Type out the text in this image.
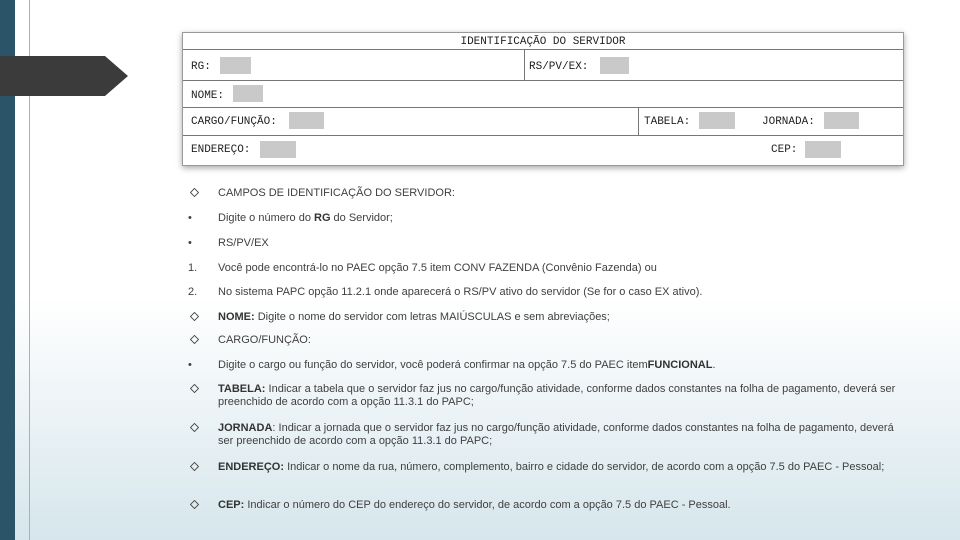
IDENTIFICAÇÃO DO SERVIDOR
RG:	RS/PV/EX:
NOME:
CARGO/FUNÇÃO:	TABELA:	JORNADA:
ENDEREÇO:	CEP:
CAMPOS DE IDENTIFICAÇÃO DO SERVIDOR:
•	Digite o número do RG do Servidor;
•	RS/PV/EX
1.	Você pode encontrá-lo no PAEC opção 7.5 item CONV FAZENDA (Convênio Fazenda) ou
2.	No sistema PAPC opção 11.2.1 onde aparecerá o RS/PV ativo do servidor (Se for o caso EX ativo).
NOME: Digite o nome do servidor com letras MAIÚSCULAS e sem abreviações;
CARGO/FUNÇÃO:
•	Digite o cargo ou função do servidor, você poderá confirmar na opção 7.5 do PAEC itemFUNCIONAL.
TABELA: Indicar a tabela que o servidor faz jus no cargo/função atividade, conforme dados constantes na folha de pagamento, deverá ser preenchido de acordo com a opção 11.3.1 do PAPC;
JORNADA: Indicar a jornada que o servidor faz jus no cargo/função atividade, conforme dados constantes na folha de pagamento, deverá ser preenchido de acordo com a opção 11.3.1 do PAPC;
ENDEREÇO: Indicar o nome da rua, número, complemento, bairro e cidade do servidor, de acordo com a opção 7.5 do PAEC - Pessoal;
CEP: Indicar o número do CEP do endereço do servidor, de acordo com a opção 7.5 do PAEC - Pessoal.
